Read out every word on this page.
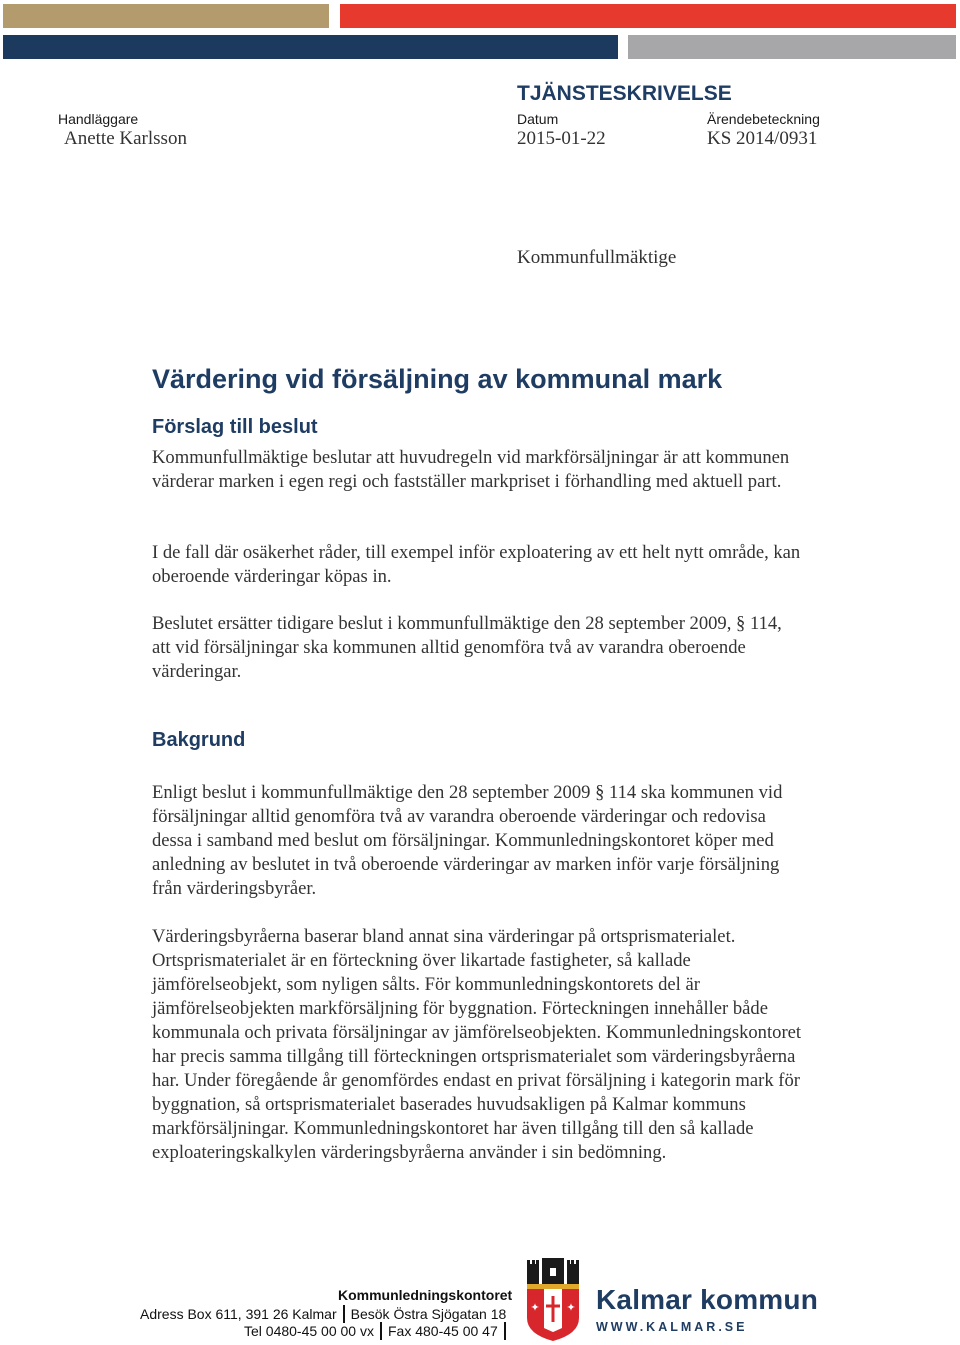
TJÄNSTESKRIVELSE
Handläggare	Datum	Ärendebeteckning
Anette Karlsson	2015-01-22	KS 2014/0931
Kommunfullmäktige
Värdering vid försäljning av kommunal mark
Förslag till beslut

Kommunfullmäktige beslutar att huvudregeln vid markförsäljningar är att kommunen värderar marken i egen regi och fastställer markpriset i förhandling med aktuell part.

I de fall där osäkerhet råder, till exempel inför exploatering av ett helt nytt område, kan oberoende värderingar köpas in.

Beslutet ersätter tidigare beslut i kommunfullmäktige den 28 september 2009, § 114, att vid försäljningar ska kommunen alltid genomföra två av varandra oberoende värderingar.

Bakgrund

Enligt beslut i kommunfullmäktige den 28 september 2009 § 114 ska kommunen vid försäljningar alltid genomföra två av varandra oberoende värderingar och redovisa dessa i samband med beslut om försäljningar. Kommunledningskontoret köper med anledning av beslutet in två oberoende värderingar av marken inför varje försäljning från värderingsbyråer.

Värderingsbyråerna baserar bland annat sina värderingar på ortsprismaterialet. Ortsprismaterialet är en förteckning över likartade fastigheter, så kallade jämförelseobjekt, som nyligen sålts. För kommunledningskontorets del är jämförelseobjekten markförsäljning för byggnation. Förteckningen innehåller både kommunala och privata försäljningar av jämförelseobjekten. Kommunledningskontoret har precis samma tillgång till förteckningen ortsprismaterialet som värderingsbyråerna har. Under föregående år genomfördes endast en privat försäljning i kategorin mark för byggnation, så ortsprismaterialet baserades huvudsakligen på Kalmar kommuns markförsäljningar. Kommunledningskontoret har även tillgång till den så kallade exploateringskalkylen värderingsbyråerna använder i sin bedömning.

Kommunledningskontoret
Adress Box 611, 391 26 Kalmar Besök Östra Sjögatan 18
Tel 0480-45 00 00 vx Fax 480-45 00 47
✦ ✦ Kalmar kommun
WWW.KALMAR.SE
